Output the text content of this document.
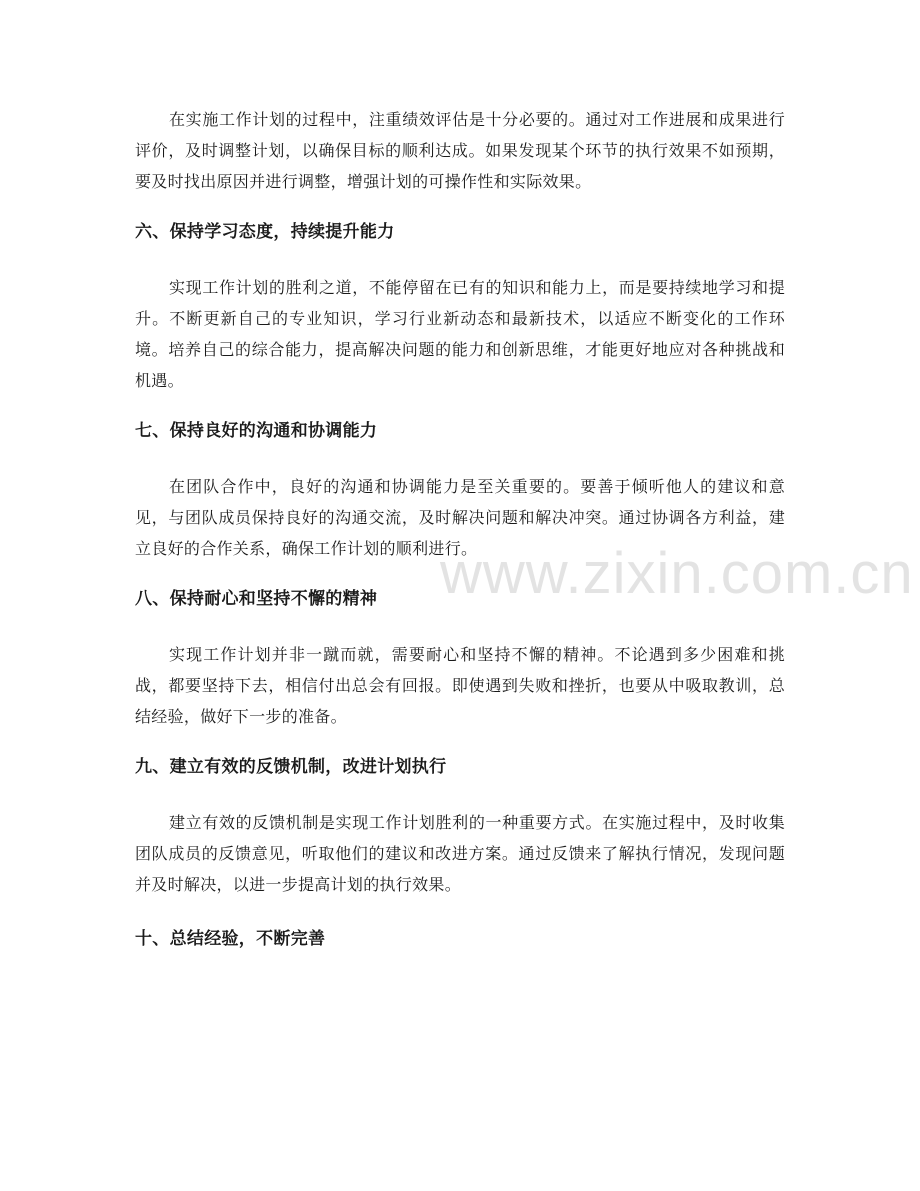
在实施工作计划的过程中，注重绩效评估是十分必要的。通过对工作进展和成果进行评价，及时调整计划，以确保目标的顺利达成。如果发现某个环节的执行效果不如预期，要及时找出原因并进行调整，增强计划的可操作性和实际效果。

六、保持学习态度，持续提升能力

实现工作计划的胜利之道，不能停留在已有的知识和能力上，而是要持续地学习和提升。不断更新自己的专业知识，学习行业新动态和最新技术，以适应不断变化的工作环境。培养自己的综合能力，提高解决问题的能力和创新思维，才能更好地应对各种挑战和机遇。

七、保持良好的沟通和协调能力

在团队合作中，良好的沟通和协调能力是至关重要的。要善于倾听他人的建议和意见，与团队成员保持良好的沟通交流，及时解决问题和解决冲突。通过协调各方利益，建立良好的合作关系，确保工作计划的顺利进行。

八、保持耐心和坚持不懈的精神

实现工作计划并非一蹴而就，需要耐心和坚持不懈的精神。不论遇到多少困难和挑战，都要坚持下去，相信付出总会有回报。即使遇到失败和挫折，也要从中吸取教训，总结经验，做好下一步的准备。

九、建立有效的反馈机制，改进计划执行

建立有效的反馈机制是实现工作计划胜利的一种重要方式。在实施过程中，及时收集团队成员的反馈意见，听取他们的建议和改进方案。通过反馈来了解执行情况，发现问题并及时解决，以进一步提高计划的执行效果。

十、总结经验，不断完善
www.zixin.com.cn
